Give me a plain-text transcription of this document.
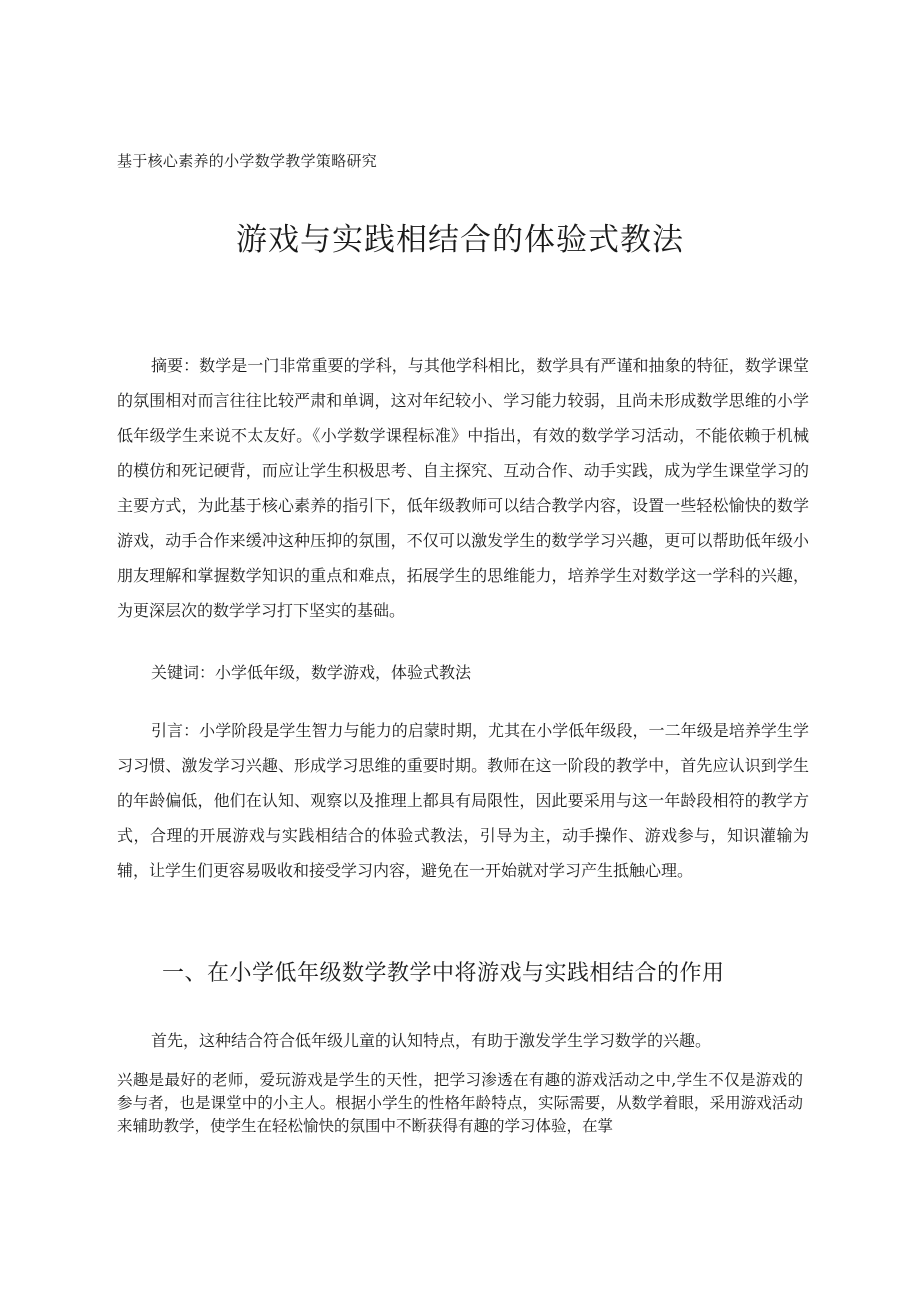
基于核心素养的小学数学教学策略研究
游戏与实践相结合的体验式教法

摘要：数学是一门非常重要的学科，与其他学科相比，数学具有严谨和抽象的特征，数学课堂的氛围相对而言往往比较严肃和单调，这对年纪较小、学习能力较弱，且尚未形成数学思维的小学低年级学生来说不太友好。《小学数学课程标准》中指出，有效的数学学习活动，不能依赖于机械的模仿和死记硬背，而应让学生积极思考、自主探究、互动合作、动手实践，成为学生课堂学习的主要方式，为此基于核心素养的指引下，低年级教师可以结合教学内容，设置一些轻松愉快的数学游戏，动手合作来缓冲这种压抑的氛围，不仅可以激发学生的数学学习兴趣，更可以帮助低年级小朋友理解和掌握数学知识的重点和难点，拓展学生的思维能力，培养学生对数学这一学科的兴趣，为更深层次的数学学习打下坚实的基础。

关键词：小学低年级，数学游戏，体验式教法

引言：小学阶段是学生智力与能力的启蒙时期，尤其在小学低年级段，一二年级是培养学生学习习惯、激发学习兴趣、形成学习思维的重要时期。教师在这一阶段的教学中，首先应认识到学生的年龄偏低，他们在认知、观察以及推理上都具有局限性，因此要采用与这一年龄段相符的教学方式，合理的开展游戏与实践相结合的体验式教法，引导为主，动手操作、游戏参与，知识灌输为辅，让学生们更容易吸收和接受学习内容，避免在一开始就对学习产生抵触心理。

一、在小学低年级数学教学中将游戏与实践相结合的作用

首先，这种结合符合低年级儿童的认知特点，有助于激发学生学习数学的兴趣。

兴趣是最好的老师，爱玩游戏是学生的天性，把学习渗透在有趣的游戏活动之中,学生不仅是游戏的参与者，也是课堂中的小主人。根据小学生的性格年龄特点，实际需要，从数学着眼，采用游戏活动来辅助教学，使学生在轻松愉快的氛围中不断获得有趣的学习体验，在掌
